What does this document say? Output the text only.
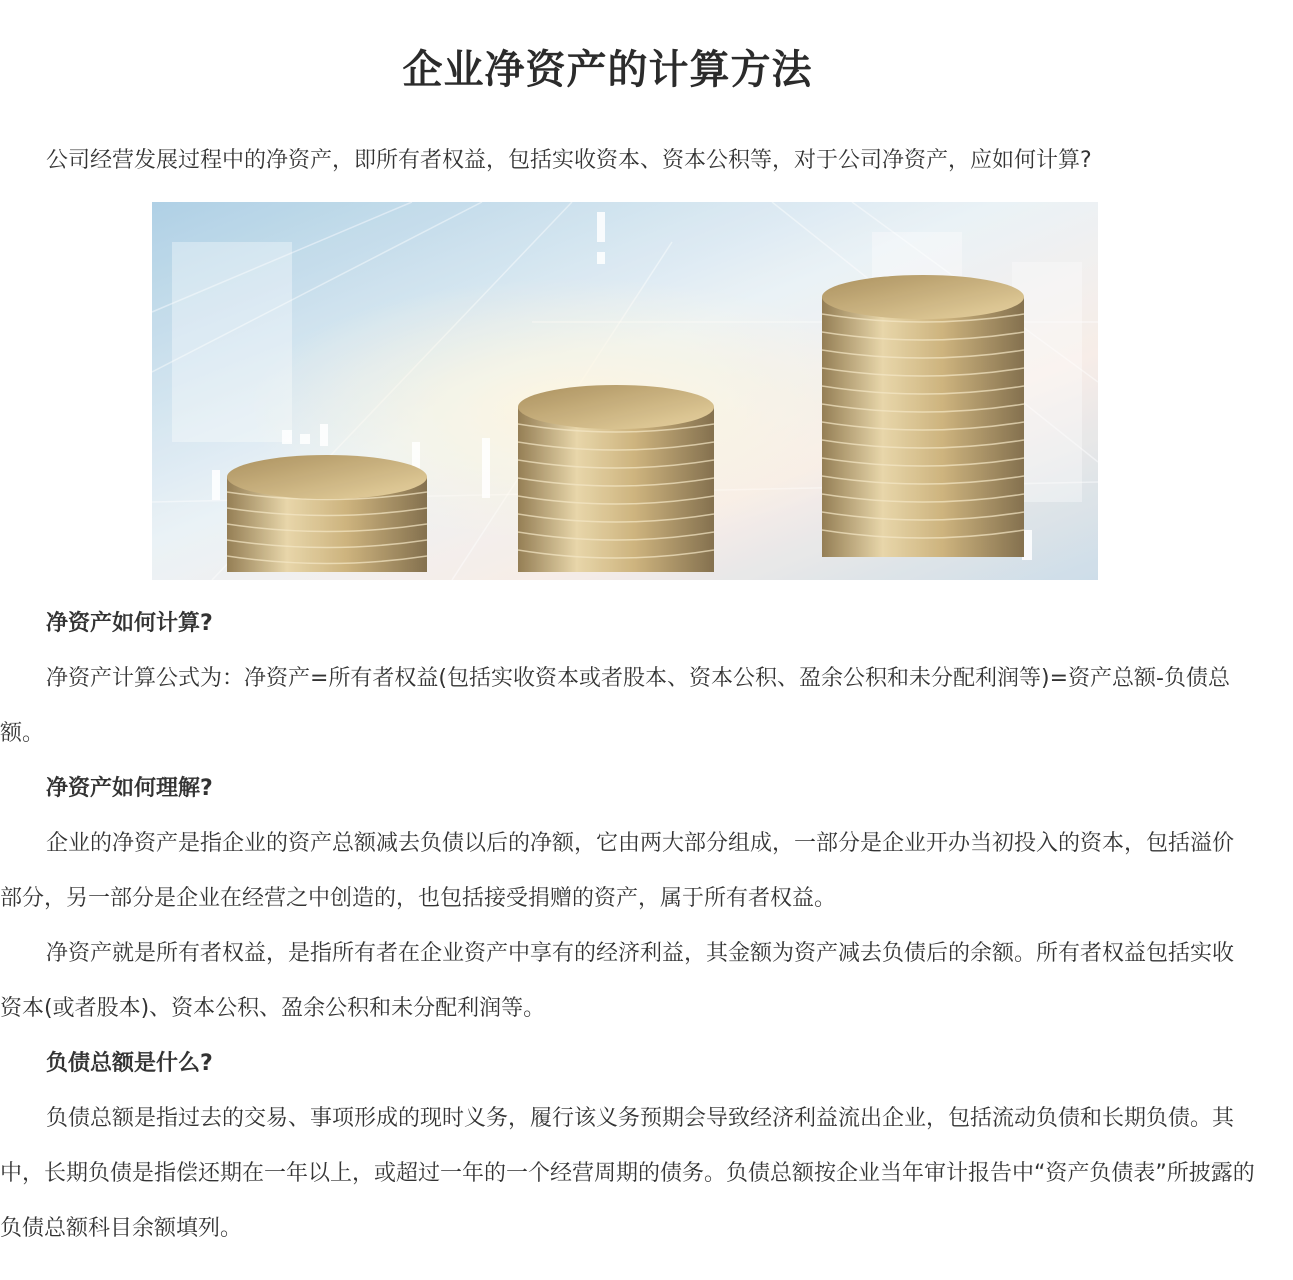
企业净资产的计算方法

公司经营发展过程中的净资产，即所有者权益，包括实收资本、资本公积等，对于公司净资产，应如何计算?

净资产如何计算?

净资产计算公式为：净资产=所有者权益(包括实收资本或者股本、资本公积、盈余公积和未分配利润等)=资产总额-负债总额。

净资产如何理解?

企业的净资产是指企业的资产总额减去负债以后的净额，它由两大部分组成，一部分是企业开办当初投入的资本，包括溢价部分，另一部分是企业在经营之中创造的，也包括接受捐赠的资产，属于所有者权益。

净资产就是所有者权益，是指所有者在企业资产中享有的经济利益，其金额为资产减去负债后的余额。所有者权益包括实收资本(或者股本)、资本公积、盈余公积和未分配利润等。

负债总额是什么?

负债总额是指过去的交易、事项形成的现时义务，履行该义务预期会导致经济利益流出企业，包括流动负债和长期负债。其中，长期负债是指偿还期在一年以上，或超过一年的一个经营周期的债务。负债总额按企业当年审计报告中“资产负债表”所披露的负债总额科目余额填列。
